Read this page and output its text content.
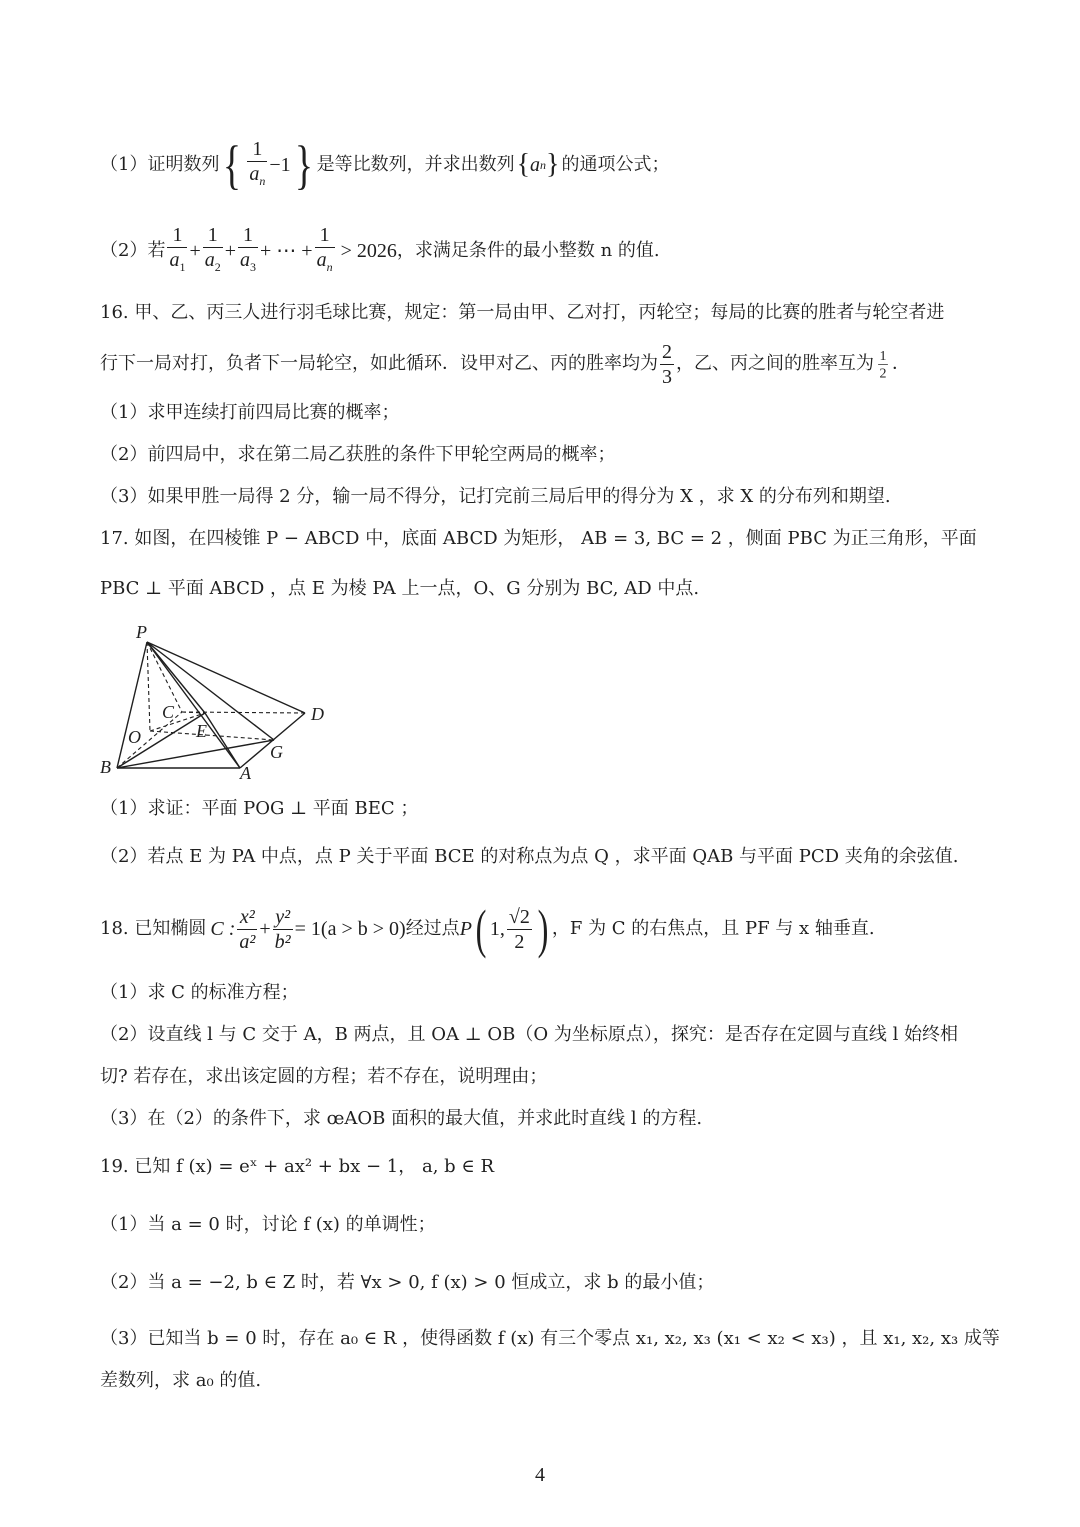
（1）证明数列 { $\frac{1}{a_n} -1$ } 是等比数列，并求出数列 { a n } 的通项公式；
（2）若 $\frac{1}{a_1} + \frac{1}{a_2} + \frac{1}{a_3}$ + ⋯ + $\frac{1}{a_n} > 2026$ ，求满足条件的最小整数 n 的值.
16. 甲、乙、丙三人进行羽毛球比赛，规定：第一局由甲、乙对打，丙轮空；每局的比赛的胜者与轮空者进
行下一局对打，负者下一局轮空，如此循环．设甲对乙、丙的胜率均为 $\frac{2}{3}$ ，乙、丙之间的胜率互为 $\frac{1}{2}$ ．
（1）求甲连续打前四局比赛的概率；
（2）前四局中，求在第二局乙获胜的条件下甲轮空两局的概率；
（3）如果甲胜一局得 2 分，输一局不得分，记打完前三局后甲的得分为 X ，求 X 的分布列和期望.
17. 如图，在四棱锥 P − ABCD 中，底面 ABCD 为矩形， AB = 3, BC = 2 ，侧面 PBC 为正三角形，平面
PBC ⊥ 平面 ABCD ，点 E 为棱 PA 上一点，O、G 分别为 BC, AD 中点.
P
C	D
O	E
G
B	A
（1）求证：平面 POG ⊥ 平面 BEC ；
（2）若点 E 为 PA 中点，点 P 关于平面 BCE 的对称点为点 Q ，求平面 QAB 与平面 PCD 夹角的余弦值.
18. 已知椭圆 C : $\frac{\text{x²}}{\text{a²}} + \frac{\text{y²}}{\text{b²}} = 1(a > b > 0)$ 经过点 P ( 1, $\frac{√2}{2}$ ) ，F 为 C 的右焦点，且 PF 与 x 轴垂直.
（1）求 C 的标准方程；
（2）设直线 l 与 C 交于 A，B 两点，且 OA ⊥ OB（O 为坐标原点），探究：是否存在定圆与直线 l 始终相
切? 若存在，求出该定圆的方程；若不存在，说明理由；
（3）在（2）的条件下，求 œAOB 面积的最大值，并求此时直线 l 的方程.
19. 已知 f (x) = eˣ + ax² + bx − 1， a, b ∈ R
（1）当 a = 0 时，讨论 f (x) 的单调性；
（2）当 a = −2, b ∈ Z 时，若 ∀x > 0, f (x) > 0 恒成立，求 b 的最小值；
（3）已知当 b = 0 时，存在 a₀ ∈ R ，使得函数 f (x) 有三个零点 x₁, x₂, x₃ (x₁ < x₂ < x₃) ，且 x₁, x₂, x₃ 成等
差数列，求 a₀ 的值.
4
